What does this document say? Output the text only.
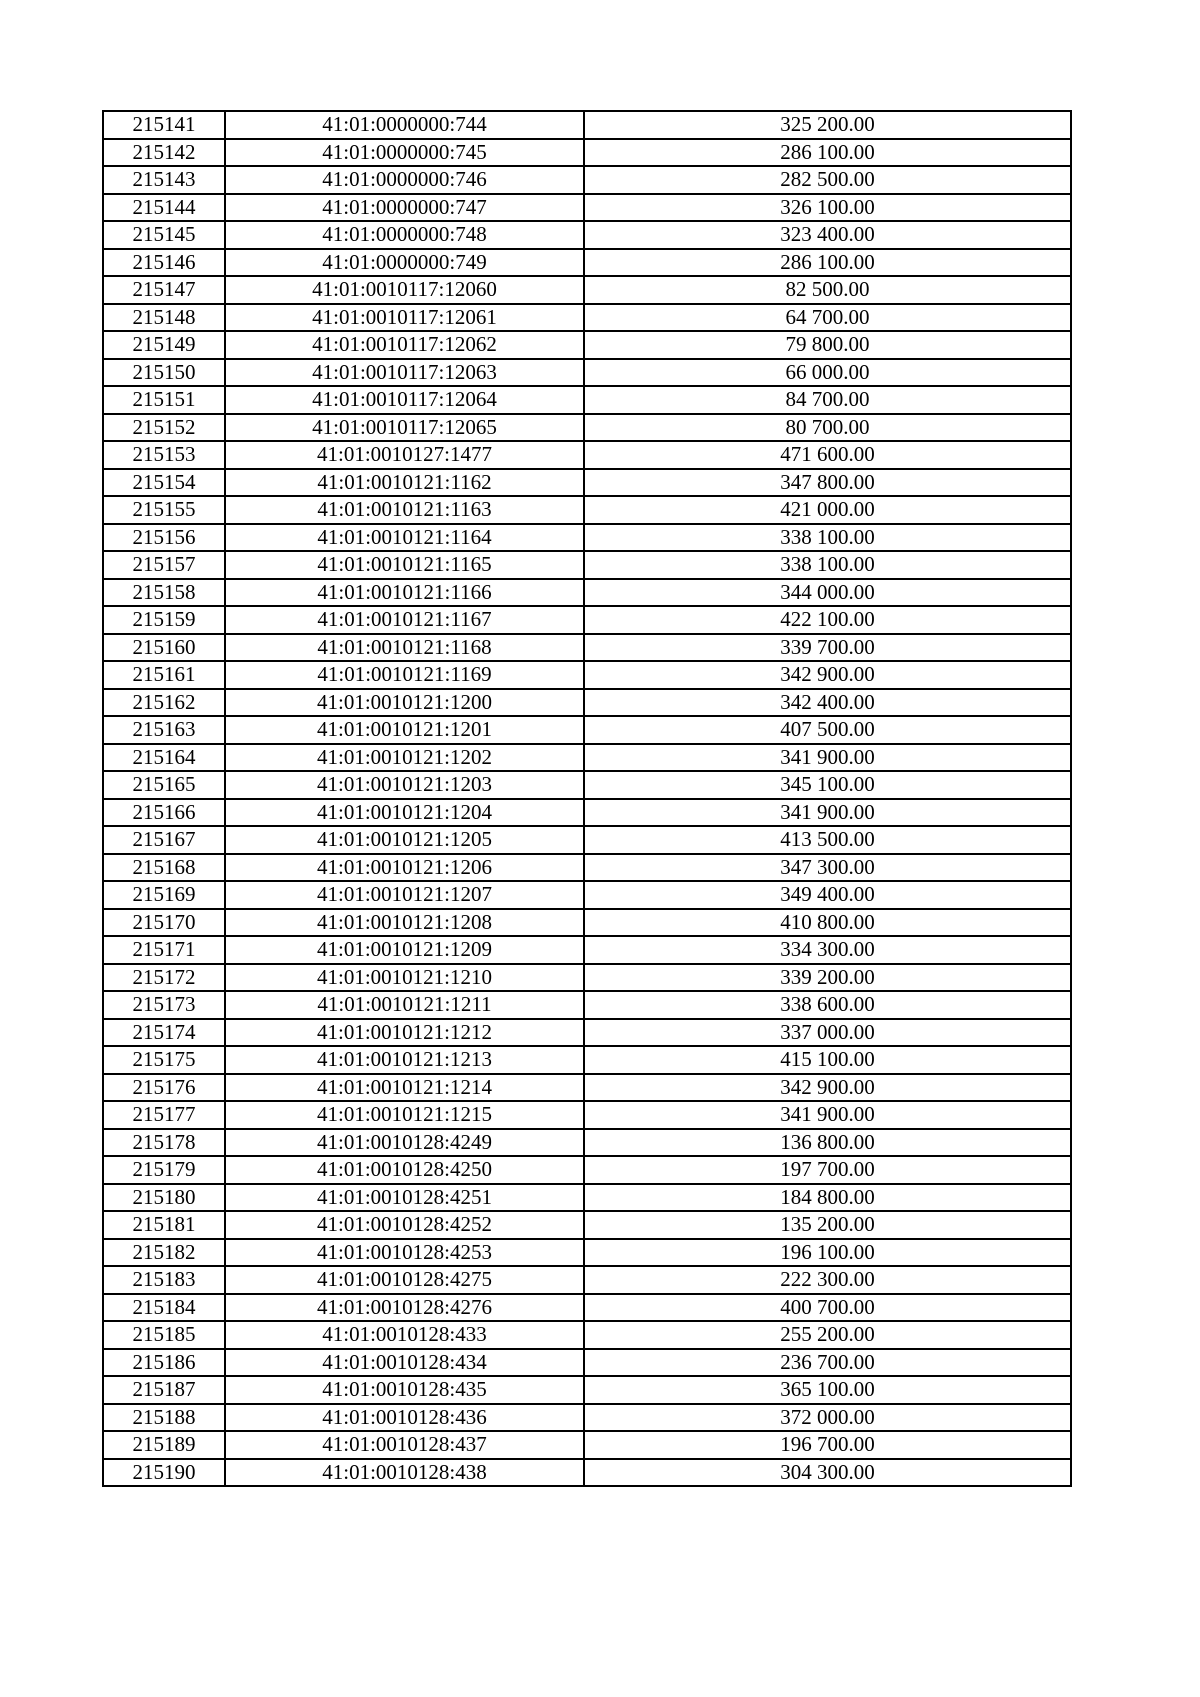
215141	41:01:0000000:744	325 200.00
215142	41:01:0000000:745	286 100.00
215143	41:01:0000000:746	282 500.00
215144	41:01:0000000:747	326 100.00
215145	41:01:0000000:748	323 400.00
215146	41:01:0000000:749	286 100.00
215147	41:01:0010117:12060	82 500.00
215148	41:01:0010117:12061	64 700.00
215149	41:01:0010117:12062	79 800.00
215150	41:01:0010117:12063	66 000.00
215151	41:01:0010117:12064	84 700.00
215152	41:01:0010117:12065	80 700.00
215153	41:01:0010127:1477	471 600.00
215154	41:01:0010121:1162	347 800.00
215155	41:01:0010121:1163	421 000.00
215156	41:01:0010121:1164	338 100.00
215157	41:01:0010121:1165	338 100.00
215158	41:01:0010121:1166	344 000.00
215159	41:01:0010121:1167	422 100.00
215160	41:01:0010121:1168	339 700.00
215161	41:01:0010121:1169	342 900.00
215162	41:01:0010121:1200	342 400.00
215163	41:01:0010121:1201	407 500.00
215164	41:01:0010121:1202	341 900.00
215165	41:01:0010121:1203	345 100.00
215166	41:01:0010121:1204	341 900.00
215167	41:01:0010121:1205	413 500.00
215168	41:01:0010121:1206	347 300.00
215169	41:01:0010121:1207	349 400.00
215170	41:01:0010121:1208	410 800.00
215171	41:01:0010121:1209	334 300.00
215172	41:01:0010121:1210	339 200.00
215173	41:01:0010121:1211	338 600.00
215174	41:01:0010121:1212	337 000.00
215175	41:01:0010121:1213	415 100.00
215176	41:01:0010121:1214	342 900.00
215177	41:01:0010121:1215	341 900.00
215178	41:01:0010128:4249	136 800.00
215179	41:01:0010128:4250	197 700.00
215180	41:01:0010128:4251	184 800.00
215181	41:01:0010128:4252	135 200.00
215182	41:01:0010128:4253	196 100.00
215183	41:01:0010128:4275	222 300.00
215184	41:01:0010128:4276	400 700.00
215185	41:01:0010128:433	255 200.00
215186	41:01:0010128:434	236 700.00
215187	41:01:0010128:435	365 100.00
215188	41:01:0010128:436	372 000.00
215189	41:01:0010128:437	196 700.00
215190	41:01:0010128:438	304 300.00
